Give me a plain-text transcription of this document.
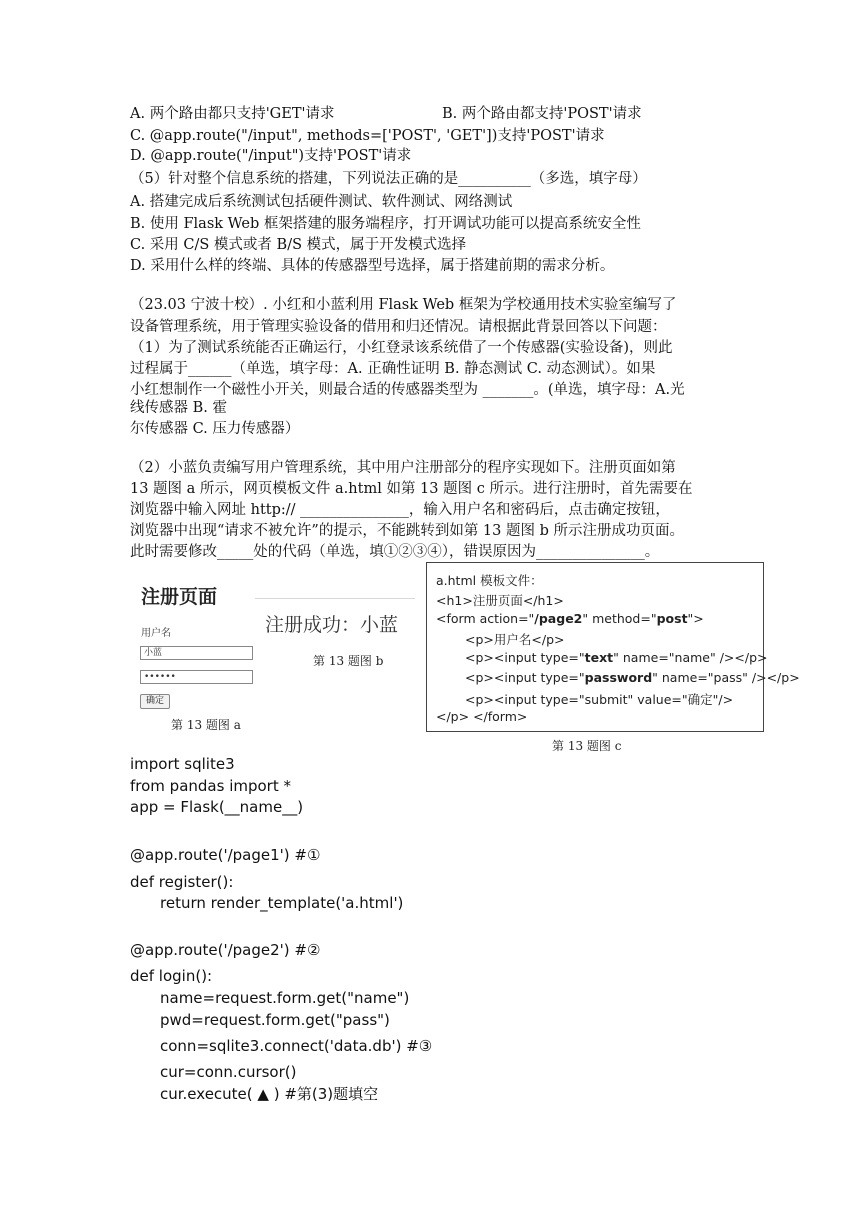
A. 两个路由都只支持'GET'请求	B. 两个路由都支持'POST'请求
C. @app.route("/input", methods=['POST', 'GET'])支持'POST'请求
D. @app.route("/input")支持'POST'请求
（5）针对整个信息系统的搭建，下列说法正确的是__________（多选，填字母）
A. 搭建完成后系统测试包括硬件测试、软件测试、网络测试
B. 使用 Flask Web 框架搭建的服务端程序，打开调试功能可以提高系统安全性
C. 采用 C/S 模式或者 B/S 模式，属于开发模式选择
D. 采用什么样的终端、具体的传感器型号选择，属于搭建前期的需求分析。
（23.03 宁波十校）. 小红和小蓝利用 Flask Web 框架为学校通用技术实验室编写了
设备管理系统，用于管理实验设备的借用和归还情况。请根据此背景回答以下问题：
（1）为了测试系统能否正确运行，小红登录该系统借了一个传感器(实验设备)，则此
过程属于______（单选，填字母：A. 正确性证明 B. 静态测试 C. 动态测试）。如果
小红想制作一个磁性小开关，则最合适的传感器类型为 _______。(单选，填字母：A.光
线传感器 B. 霍
尔传感器 C. 压力传感器）
（2）小蓝负责编写用户管理系统，其中用户注册部分的程序实现如下。注册页面如第
13 题图 a 所示，网页模板文件 a.html 如第 13 题图 c 所示。进行注册时，首先需要在
浏览器中输入网址 http:// _______________，输入用户名和密码后，点击确定按钮，
浏览器中出现“请求不被允许”的提示，不能跳转到如第 13 题图 b 所示注册成功页面。
此时需要修改_____处的代码（单选，填①②③④），错误原因为_______________。
注册页面
用户名
小蓝
••••••
确定
第 13 题图 a
注册成功：小蓝
第 13 题图 b
a.html 模板文件：
<h1>注册页面</h1>
<form action="/page2" method="post">
<p>用户名</p>
<p><input type="text" name="name" /></p>
<p><input type="password" name="pass" /></p>
<p><input type="submit" value="确定"/>
</p> </form>
第 13 题图 c
import sqlite3
from pandas import *
app = Flask(__name__)
@app.route('/page1') #①
def register():
return render_template('a.html')
@app.route('/page2') #②
def login():
name=request.form.get("name")
pwd=request.form.get("pass")
conn=sqlite3.connect('data.db') #③
cur=conn.cursor()
cur.execute( ▲ ) #第(3)题填空
